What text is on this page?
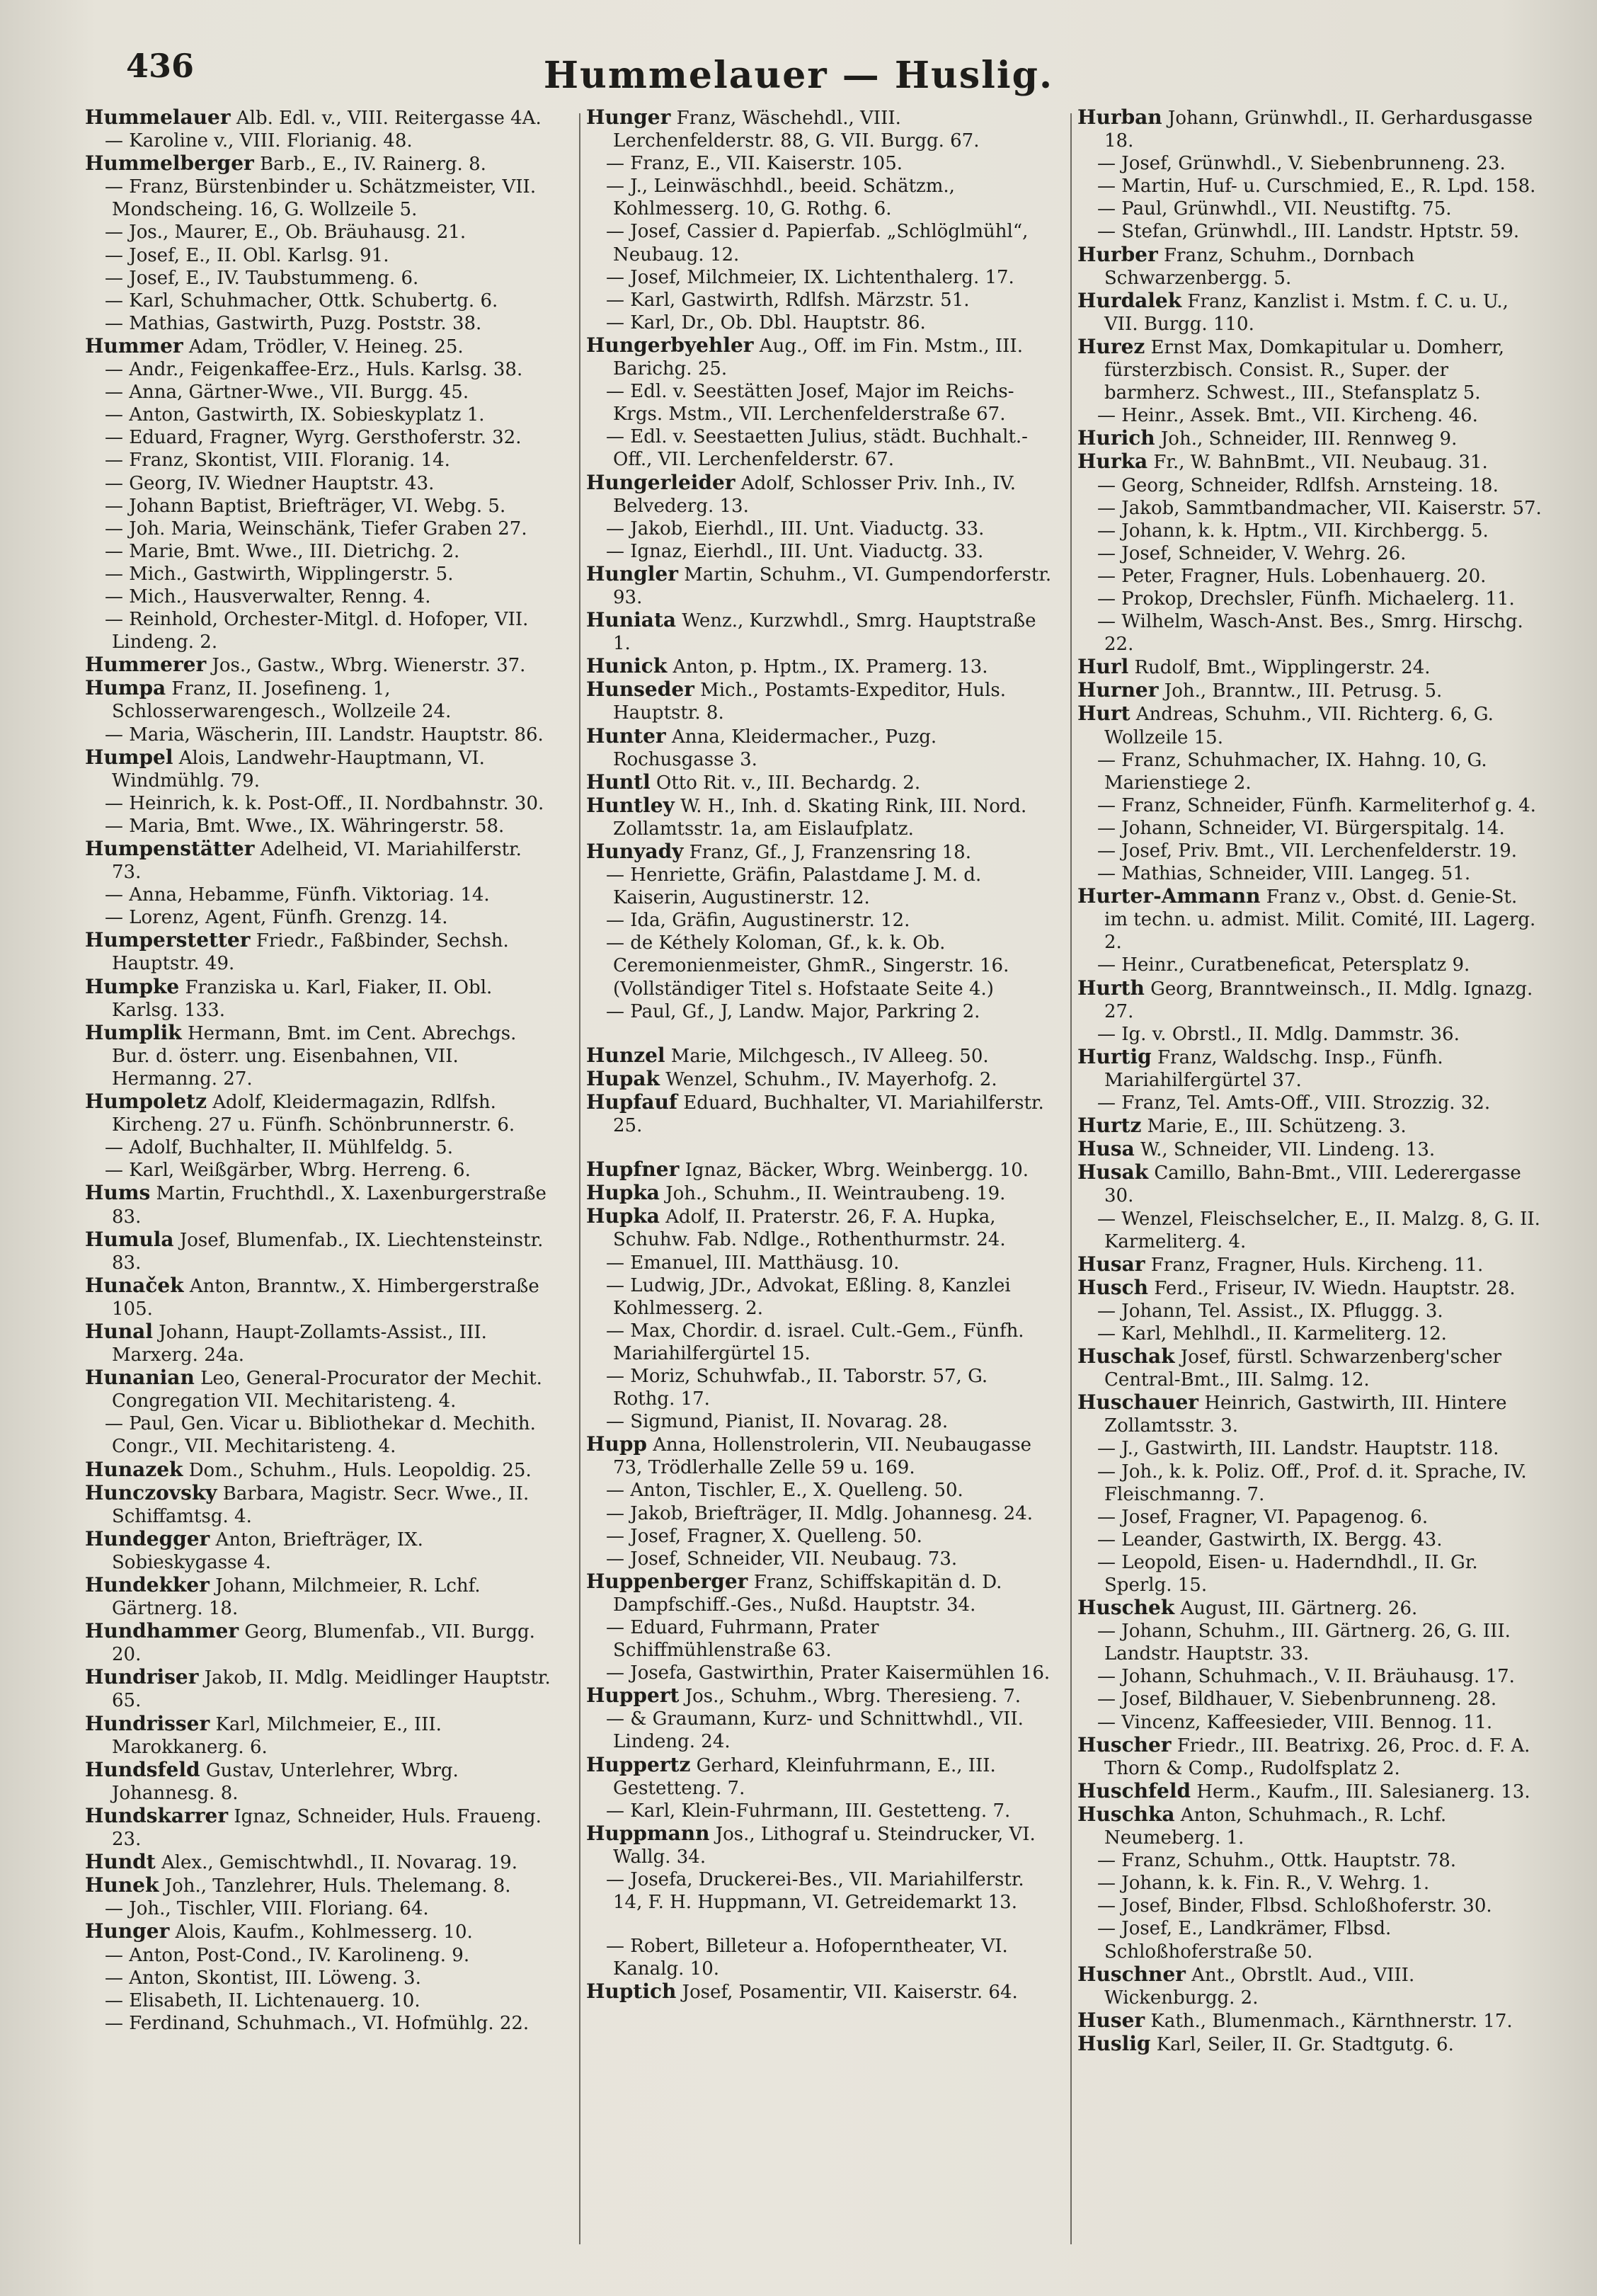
436	Hummelauer — Huslig.
Hummelauer Alb. Edl. v., VIII. Reitergasse 4A.
— Karoline v., VIII. Florianig. 48.
Hummelberger Barb., E., IV. Rainerg. 8.
— Franz, Bürstenbinder u. Schätzmeister, VII. Mondscheing. 16, G. Wollzeile 5.
— Jos., Maurer, E., Ob. Bräuhausg. 21.
— Josef, E., II. Obl. Karlsg. 91.
— Josef, E., IV. Taubstummeng. 6.
— Karl, Schuhmacher, Ottk. Schubertg. 6.
— Mathias, Gastwirth, Puzg. Poststr. 38.
Hummer Adam, Trödler, V. Heineg. 25.
— Andr., Feigenkaffee-Erz., Huls. Karlsg. 38.
— Anna, Gärtner-Wwe., VII. Burgg. 45.
— Anton, Gastwirth, IX. Sobieskyplatz 1.
— Eduard, Fragner, Wyrg. Gersthoferstr. 32.
— Franz, Skontist, VIII. Floranig. 14.
— Georg, IV. Wiedner Hauptstr. 43.
— Johann Baptist, Briefträger, VI. Webg. 5.
— Joh. Maria, Weinschänk, Tiefer Graben 27.
— Marie, Bmt. Wwe., III. Dietrichg. 2.
— Mich., Gastwirth, Wipplingerstr. 5.
— Mich., Hausverwalter, Renng. 4.
— Reinhold, Orchester-Mitgl. d. Hofoper, VII. Lindeng. 2.
Hummerer Jos., Gastw., Wbrg. Wienerstr. 37.
Humpa Franz, II. Josefineng. 1, Schlosserwarengesch., Wollzeile 24.
— Maria, Wäscherin, III. Landstr. Hauptstr. 86.
Humpel Alois, Landwehr-Hauptmann, VI. Windmühlg. 79.
— Heinrich, k. k. Post-Off., II. Nordbahnstr. 30.
— Maria, Bmt. Wwe., IX. Währingerstr. 58.
Humpenstätter Adelheid, VI. Mariahilferstr. 73.
— Anna, Hebamme, Fünfh. Viktoriag. 14.
— Lorenz, Agent, Fünfh. Grenzg. 14.
Humperstetter Friedr., Faßbinder, Sechsh. Hauptstr. 49.
Humpke Franziska u. Karl, Fiaker, II. Obl. Karlsg. 133.
Humplik Hermann, Bmt. im Cent. Abrechgs. Bur. d. österr. ung. Eisenbahnen, VII. Hermanng. 27.
Humpoletz Adolf, Kleidermagazin, Rdlfsh. Kircheng. 27 u. Fünfh. Schönbrunnerstr. 6.
— Adolf, Buchhalter, II. Mühlfeldg. 5.
— Karl, Weißgärber, Wbrg. Herreng. 6.
Hums Martin, Fruchthdl., X. Laxenburgerstraße 83.
Humula Josef, Blumenfab., IX. Liechtensteinstr. 83.
Hunaček Anton, Branntw., X. Himbergerstraße 105.
Hunal Johann, Haupt-Zollamts-Assist., III. Marxerg. 24a.
Hunanian Leo, General-Procurator der Mechit. Congregation VII. Mechitaristeng. 4.
— Paul, Gen. Vicar u. Bibliothekar d. Mechith. Congr., VII. Mechitaristeng. 4.
Hunazek Dom., Schuhm., Huls. Leopoldig. 25.
Hunczovsky Barbara, Magistr. Secr. Wwe., II. Schiffamtsg. 4.
Hundegger Anton, Briefträger, IX. Sobieskygasse 4.
Hundekker Johann, Milchmeier, R. Lchf. Gärtnerg. 18.
Hundhammer Georg, Blumenfab., VII. Burgg. 20.
Hundriser Jakob, II. Mdlg. Meidlinger Hauptstr. 65.
Hundrisser Karl, Milchmeier, E., III. Marokkanerg. 6.
Hundsfeld Gustav, Unterlehrer, Wbrg. Johannesg. 8.
Hundskarrer Ignaz, Schneider, Huls. Fraueng. 23.
Hundt Alex., Gemischtwhdl., II. Novarag. 19.
Hunek Joh., Tanzlehrer, Huls. Thelemang. 8.
— Joh., Tischler, VIII. Floriang. 64.
Hunger Alois, Kaufm., Kohlmesserg. 10.
— Anton, Post-Cond., IV. Karolineng. 9.
— Anton, Skontist, III. Löweng. 3.
— Elisabeth, II. Lichtenauerg. 10.
— Ferdinand, Schuhmach., VI. Hofmühlg. 22.
Hunger Franz, Wäschehdl., VIII. Lerchenfelderstr. 88, G. VII. Burgg. 67.
— Franz, E., VII. Kaiserstr. 105.
— J., Leinwäschhdl., beeid. Schätzm., Kohlmesserg. 10, G. Rothg. 6.
— Josef, Cassier d. Papierfab. „Schlöglmühl“, Neubaug. 12.
— Josef, Milchmeier, IX. Lichtenthalerg. 17.
— Karl, Gastwirth, Rdlfsh. Märzstr. 51.
— Karl, Dr., Ob. Dbl. Hauptstr. 86.
Hungerbyehler Aug., Off. im Fin. Mstm., III. Barichg. 25.
— Edl. v. Seestätten Josef, Major im Reichs-Krgs. Mstm., VII. Lerchenfelderstraße 67.
— Edl. v. Seestaetten Julius, städt. Buchhalt.-Off., VII. Lerchenfelderstr. 67.
Hungerleider Adolf, Schlosser Priv. Inh., IV. Belvederg. 13.
— Jakob, Eierhdl., III. Unt. Viaductg. 33.
— Ignaz, Eierhdl., III. Unt. Viaductg. 33.
Hungler Martin, Schuhm., VI. Gumpendorferstr. 93.
Huniata Wenz., Kurzwhdl., Smrg. Hauptstraße 1.
Hunick Anton, p. Hptm., IX. Pramerg. 13.
Hunseder Mich., Postamts-Expeditor, Huls. Hauptstr. 8.
Hunter Anna, Kleidermacher., Puzg. Rochusgasse 3.
Huntl Otto Rit. v., III. Bechardg. 2.
Huntley W. H., Inh. d. Skating Rink, III. Nord. Zollamtsstr. 1a, am Eislaufplatz.
Hunyady Franz, Gf., J, Franzensring 18.
— Henriette, Gräfin, Palastdame J. M. d. Kaiserin, Augustinerstr. 12.
— Ida, Gräfin, Augustinerstr. 12.
— de Kéthely Koloman, Gf., k. k. Ob. Ceremonienmeister, GhmR., Singerstr. 16. (Vollständiger Titel s. Hofstaate Seite 4.)
— Paul, Gf., J, Landw. Major, Parkring 2.
Hunzel Marie, Milchgesch., IV Alleeg. 50.
Hupak Wenzel, Schuhm., IV. Mayerhofg. 2.
Hupfauf Eduard, Buchhalter, VI. Mariahilferstr. 25.
Hupfner Ignaz, Bäcker, Wbrg. Weinbergg. 10.
Hupka Joh., Schuhm., II. Weintraubeng. 19.
Hupka Adolf, II. Praterstr. 26, F. A. Hupka, Schuhw. Fab. Ndlge., Rothenthurmstr. 24.
— Emanuel, III. Matthäusg. 10.
— Ludwig, JDr., Advokat, Eßling. 8, Kanzlei Kohlmesserg. 2.
— Max, Chordir. d. israel. Cult.-Gem., Fünfh. Mariahilfergürtel 15.
— Moriz, Schuhwfab., II. Taborstr. 57, G. Rothg. 17.
— Sigmund, Pianist, II. Novarag. 28.
Hupp Anna, Hollenstrolerin, VII. Neubaugasse 73, Trödlerhalle Zelle 59 u. 169.
— Anton, Tischler, E., X. Quelleng. 50.
— Jakob, Briefträger, II. Mdlg. Johannesg. 24.
— Josef, Fragner, X. Quelleng. 50.
— Josef, Schneider, VII. Neubaug. 73.
Huppenberger Franz, Schiffskapitän d. D. Dampfschiff.-Ges., Nußd. Hauptstr. 34.
— Eduard, Fuhrmann, Prater Schiffmühlenstraße 63.
— Josefa, Gastwirthin, Prater Kaisermühlen 16.
Huppert Jos., Schuhm., Wbrg. Theresieng. 7.
— & Graumann, Kurz- und Schnittwhdl., VII. Lindeng. 24.
Huppertz Gerhard, Kleinfuhrmann, E., III. Gestetteng. 7.
— Karl, Klein-Fuhrmann, III. Gestetteng. 7.
Huppmann Jos., Lithograf u. Steindrucker, VI. Wallg. 34.
— Josefa, Druckerei-Bes., VII. Mariahilferstr. 14, F. H. Huppmann, VI. Getreidemarkt 13.
— Robert, Billeteur a. Hofoperntheater, VI. Kanalg. 10.
Huptich Josef, Posamentir, VII. Kaiserstr. 64.
Hurban Johann, Grünwhdl., II. Gerhardusgasse 18.
— Josef, Grünwhdl., V. Siebenbrunneng. 23.
— Martin, Huf- u. Curschmied, E., R. Lpd. 158.
— Paul, Grünwhdl., VII. Neustiftg. 75.
— Stefan, Grünwhdl., III. Landstr. Hptstr. 59.
Hurber Franz, Schuhm., Dornbach Schwarzenbergg. 5.
Hurdalek Franz, Kanzlist i. Mstm. f. C. u. U., VII. Burgg. 110.
Hurez Ernst Max, Domkapitular u. Domherr, fürsterzbisch. Consist. R., Super. der barmherz. Schwest., III., Stefansplatz 5.
— Heinr., Assek. Bmt., VII. Kircheng. 46.
Hurich Joh., Schneider, III. Rennweg 9.
Hurka Fr., W. BahnBmt., VII. Neubaug. 31.
— Georg, Schneider, Rdlfsh. Arnsteing. 18.
— Jakob, Sammtbandmacher, VII. Kaiserstr. 57.
— Johann, k. k. Hptm., VII. Kirchbergg. 5.
— Josef, Schneider, V. Wehrg. 26.
— Peter, Fragner, Huls. Lobenhauerg. 20.
— Prokop, Drechsler, Fünfh. Michaelerg. 11.
— Wilhelm, Wasch-Anst. Bes., Smrg. Hirschg. 22.
Hurl Rudolf, Bmt., Wipplingerstr. 24.
Hurner Joh., Branntw., III. Petrusg. 5.
Hurt Andreas, Schuhm., VII. Richterg. 6, G. Wollzeile 15.
— Franz, Schuhmacher, IX. Hahng. 10, G. Marienstiege 2.
— Franz, Schneider, Fünfh. Karmeliterhof g. 4.
— Johann, Schneider, VI. Bürgerspitalg. 14.
— Josef, Priv. Bmt., VII. Lerchenfelderstr. 19.
— Mathias, Schneider, VIII. Langeg. 51.
Hurter-Ammann Franz v., Obst. d. Genie-St. im techn. u. admist. Milit. Comité, III. Lagerg. 2.
— Heinr., Curatbeneficat, Petersplatz 9.
Hurth Georg, Branntweinsch., II. Mdlg. Ignazg. 27.
— Ig. v. Obrstl., II. Mdlg. Dammstr. 36.
Hurtig Franz, Waldschg. Insp., Fünfh. Mariahilfergürtel 37.
— Franz, Tel. Amts-Off., VIII. Strozzig. 32.
Hurtz Marie, E., III. Schützeng. 3.
Husa W., Schneider, VII. Lindeng. 13.
Husak Camillo, Bahn-Bmt., VIII. Lederergasse 30.
— Wenzel, Fleischselcher, E., II. Malzg. 8, G. II. Karmeliterg. 4.
Husar Franz, Fragner, Huls. Kircheng. 11.
Husch Ferd., Friseur, IV. Wiedn. Hauptstr. 28.
— Johann, Tel. Assist., IX. Pfluggg. 3.
— Karl, Mehlhdl., II. Karmeliterg. 12.
Huschak Josef, fürstl. Schwarzenberg'scher Central-Bmt., III. Salmg. 12.
Huschauer Heinrich, Gastwirth, III. Hintere Zollamtsstr. 3.
— J., Gastwirth, III. Landstr. Hauptstr. 118.
— Joh., k. k. Poliz. Off., Prof. d. it. Sprache, IV. Fleischmanng. 7.
— Josef, Fragner, VI. Papagenog. 6.
— Leander, Gastwirth, IX. Bergg. 43.
— Leopold, Eisen- u. Haderndhdl., II. Gr. Sperlg. 15.
Huschek August, III. Gärtnerg. 26.
— Johann, Schuhm., III. Gärtnerg. 26, G. III. Landstr. Hauptstr. 33.
— Johann, Schuhmach., V. II. Bräuhausg. 17.
— Josef, Bildhauer, V. Siebenbrunneng. 28.
— Vincenz, Kaffeesieder, VIII. Bennog. 11.
Huscher Friedr., III. Beatrixg. 26, Proc. d. F. A. Thorn & Comp., Rudolfsplatz 2.
Huschfeld Herm., Kaufm., III. Salesianerg. 13.
Huschka Anton, Schuhmach., R. Lchf. Neumeberg. 1.
— Franz, Schuhm., Ottk. Hauptstr. 78.
— Johann, k. k. Fin. R., V. Wehrg. 1.
— Josef, Binder, Flbsd. Schloßhoferstr. 30.
— Josef, E., Landkrämer, Flbsd. Schloßhoferstraße 50.
Huschner Ant., Obrstlt. Aud., VIII. Wickenburgg. 2.
Huser Kath., Blumenmach., Kärnthnerstr. 17.
Huslig Karl, Seiler, II. Gr. Stadtgutg. 6.
